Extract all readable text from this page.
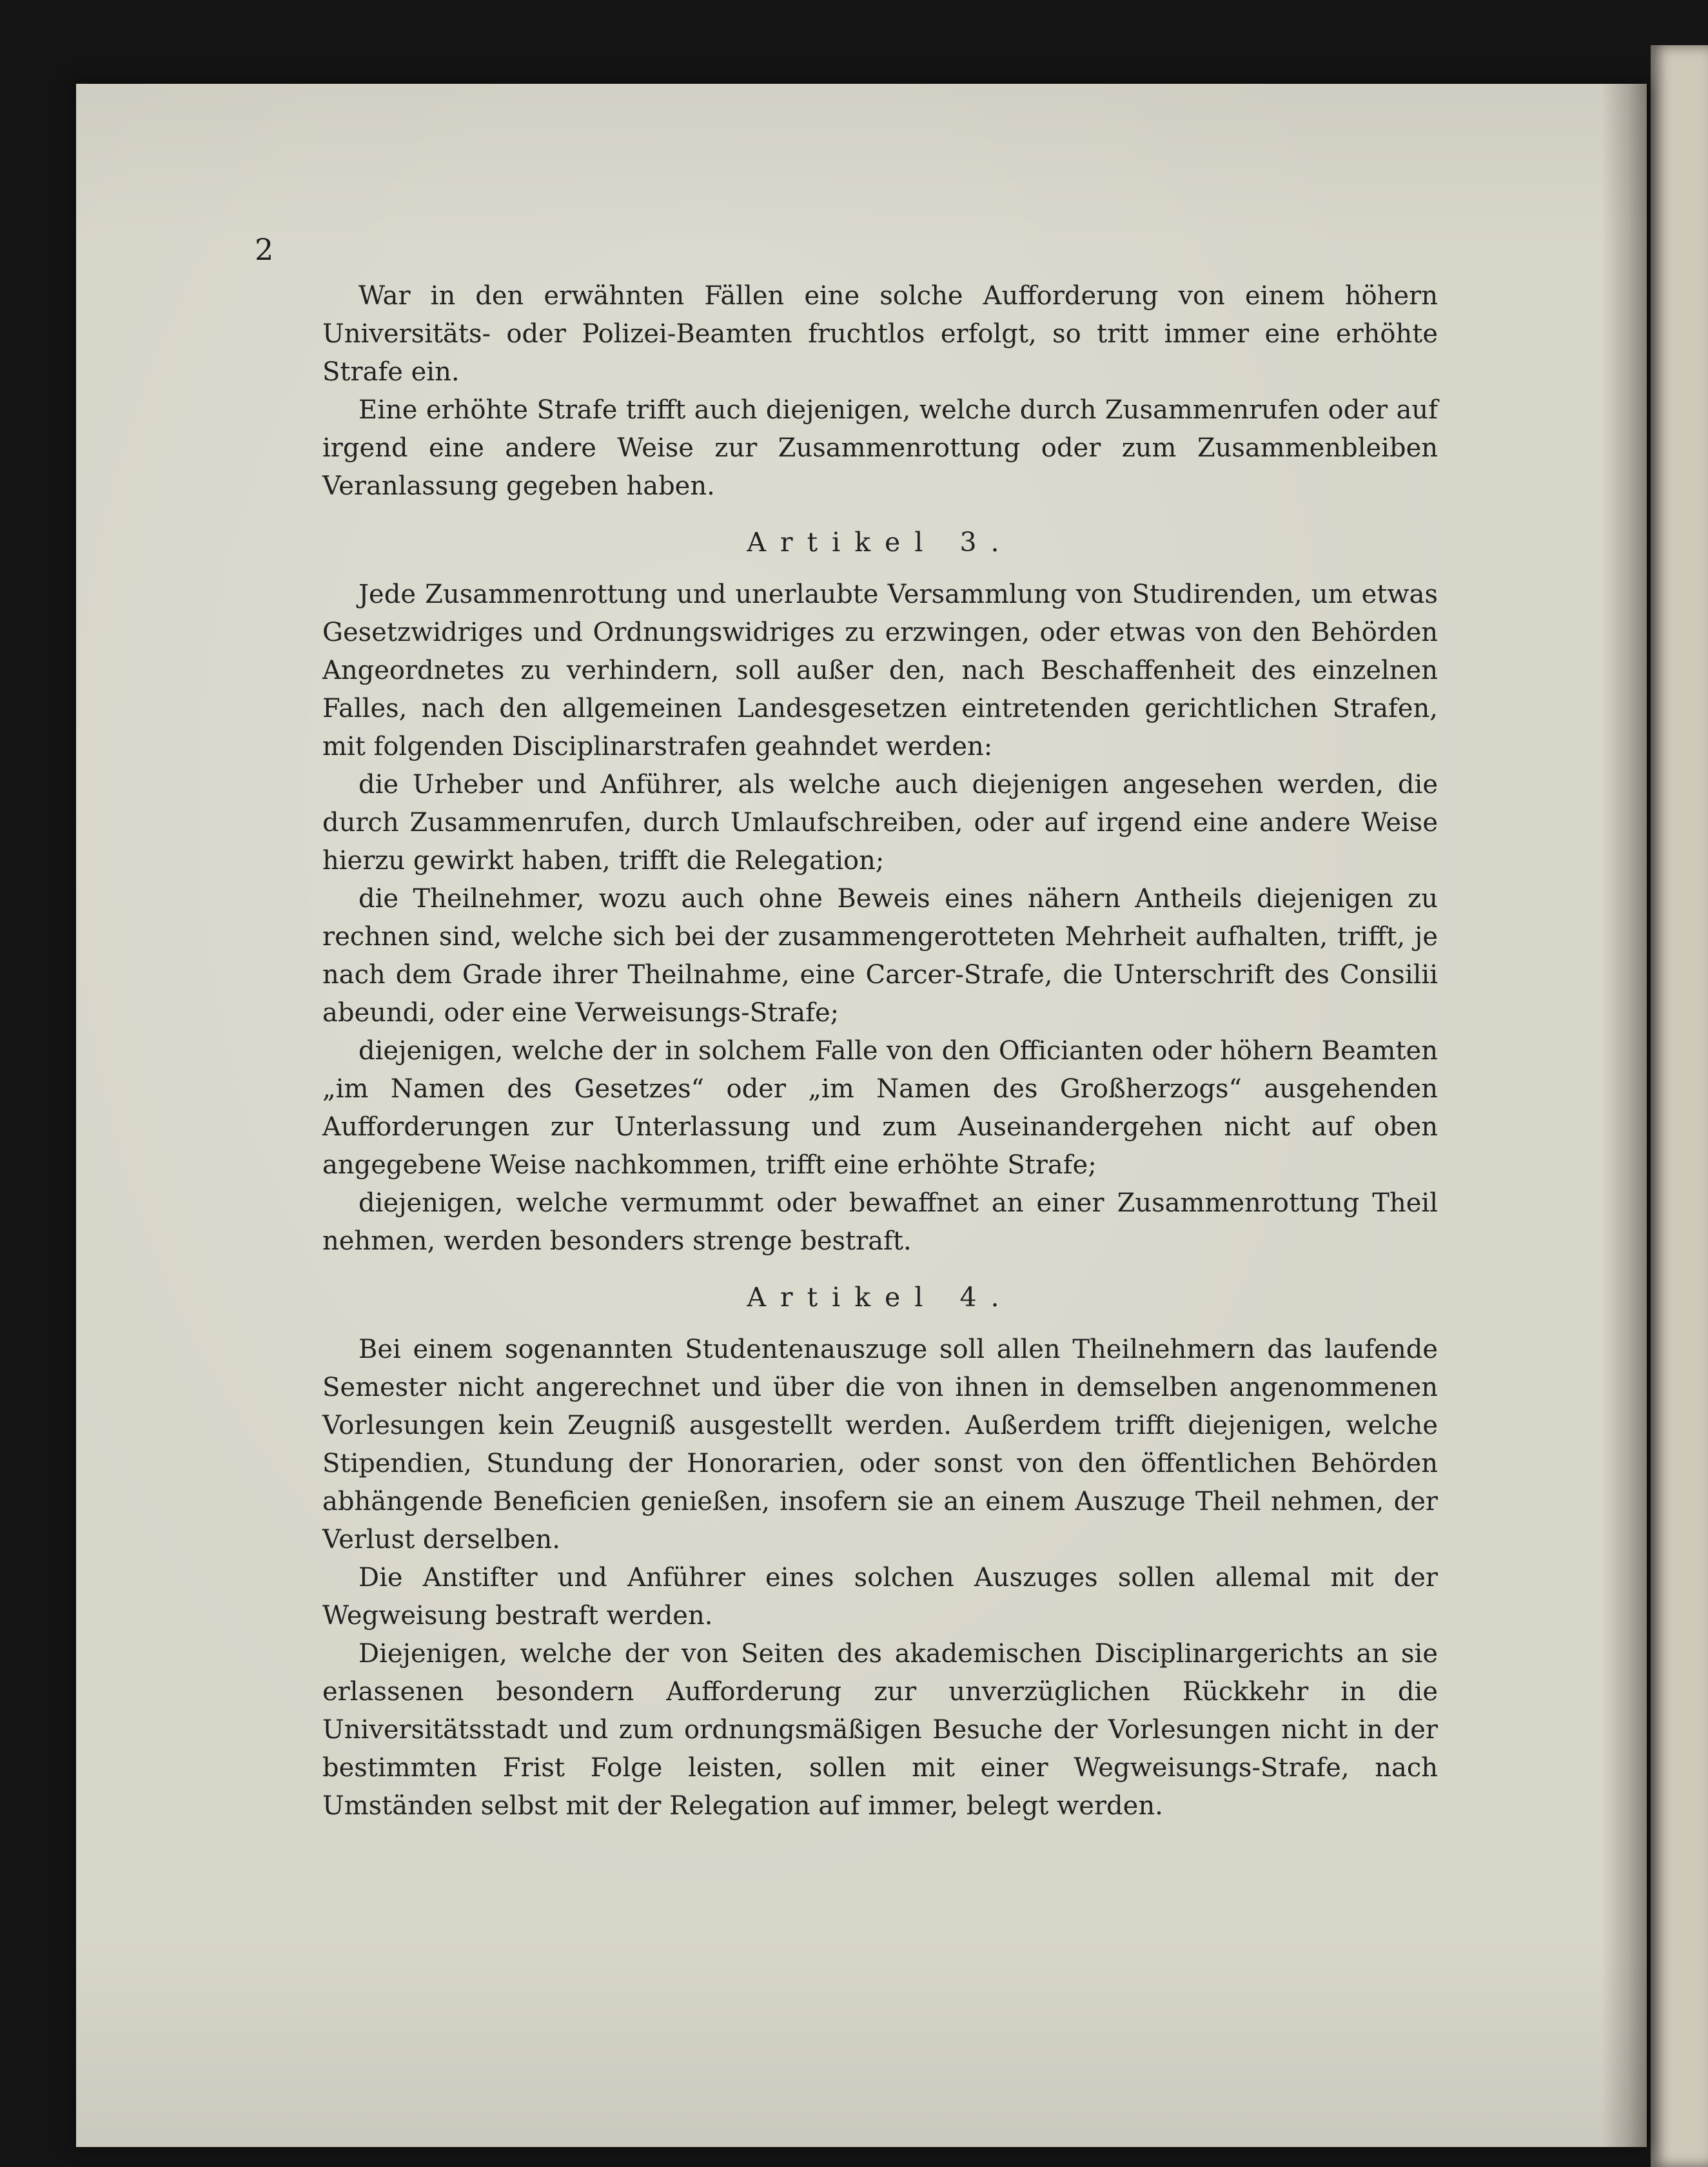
2

War in den erwähnten Fällen eine solche Aufforderung von einem höhern Universitäts- oder Polizei-Beamten fruchtlos erfolgt, so tritt immer eine erhöhte Strafe ein.

Eine erhöhte Strafe trifft auch diejenigen, welche durch Zusammenrufen oder auf irgend eine andere Weise zur Zusammenrottung oder zum Zusammenbleiben Veranlassung gegeben haben.

Artikel 3.

Jede Zusammenrottung und unerlaubte Versammlung von Studirenden, um etwas Gesetzwidriges und Ordnungswidriges zu erzwingen, oder etwas von den Behörden Angeordnetes zu verhindern, soll außer den, nach Beschaffenheit des einzelnen Falles, nach den allgemeinen Landesgesetzen eintretenden gerichtlichen Strafen, mit folgenden Disciplinarstrafen geahndet werden:

die Urheber und Anführer, als welche auch diejenigen angesehen werden, die durch Zusammenrufen, durch Umlaufschreiben, oder auf irgend eine andere Weise hierzu gewirkt haben, trifft die Relegation;

die Theilnehmer, wozu auch ohne Beweis eines nähern Antheils diejenigen zu rechnen sind, welche sich bei der zusammengerotteten Mehrheit aufhalten, trifft, je nach dem Grade ihrer Theilnahme, eine Carcer-Strafe, die Unterschrift des Consilii abeundi, oder eine Verweisungs-Strafe;

diejenigen, welche der in solchem Falle von den Officianten oder höhern Beamten „im Namen des Gesetzes“ oder „im Namen des Großherzogs“ ausgehenden Aufforderungen zur Unterlassung und zum Auseinandergehen nicht auf oben angegebene Weise nachkommen, trifft eine erhöhte Strafe;

diejenigen, welche vermummt oder bewaffnet an einer Zusammenrottung Theil nehmen, werden besonders strenge bestraft.

Artikel 4.

Bei einem sogenannten Studentenauszuge soll allen Theilnehmern das laufende Semester nicht angerechnet und über die von ihnen in demselben angenommenen Vorlesungen kein Zeugniß ausgestellt werden. Außerdem trifft diejenigen, welche Stipendien, Stundung der Honorarien, oder sonst von den öffentlichen Behörden abhängende Beneficien genießen, insofern sie an einem Auszuge Theil nehmen, der Verlust derselben.

Die Anstifter und Anführer eines solchen Auszuges sollen allemal mit der Wegweisung bestraft werden.

Diejenigen, welche der von Seiten des akademischen Disciplinargerichts an sie erlassenen besondern Aufforderung zur unverzüglichen Rückkehr in die Universitätsstadt und zum ordnungsmäßigen Besuche der Vorlesungen nicht in der bestimmten Frist Folge leisten, sollen mit einer Wegweisungs-Strafe, nach Umständen selbst mit der Relegation auf immer, belegt werden.
